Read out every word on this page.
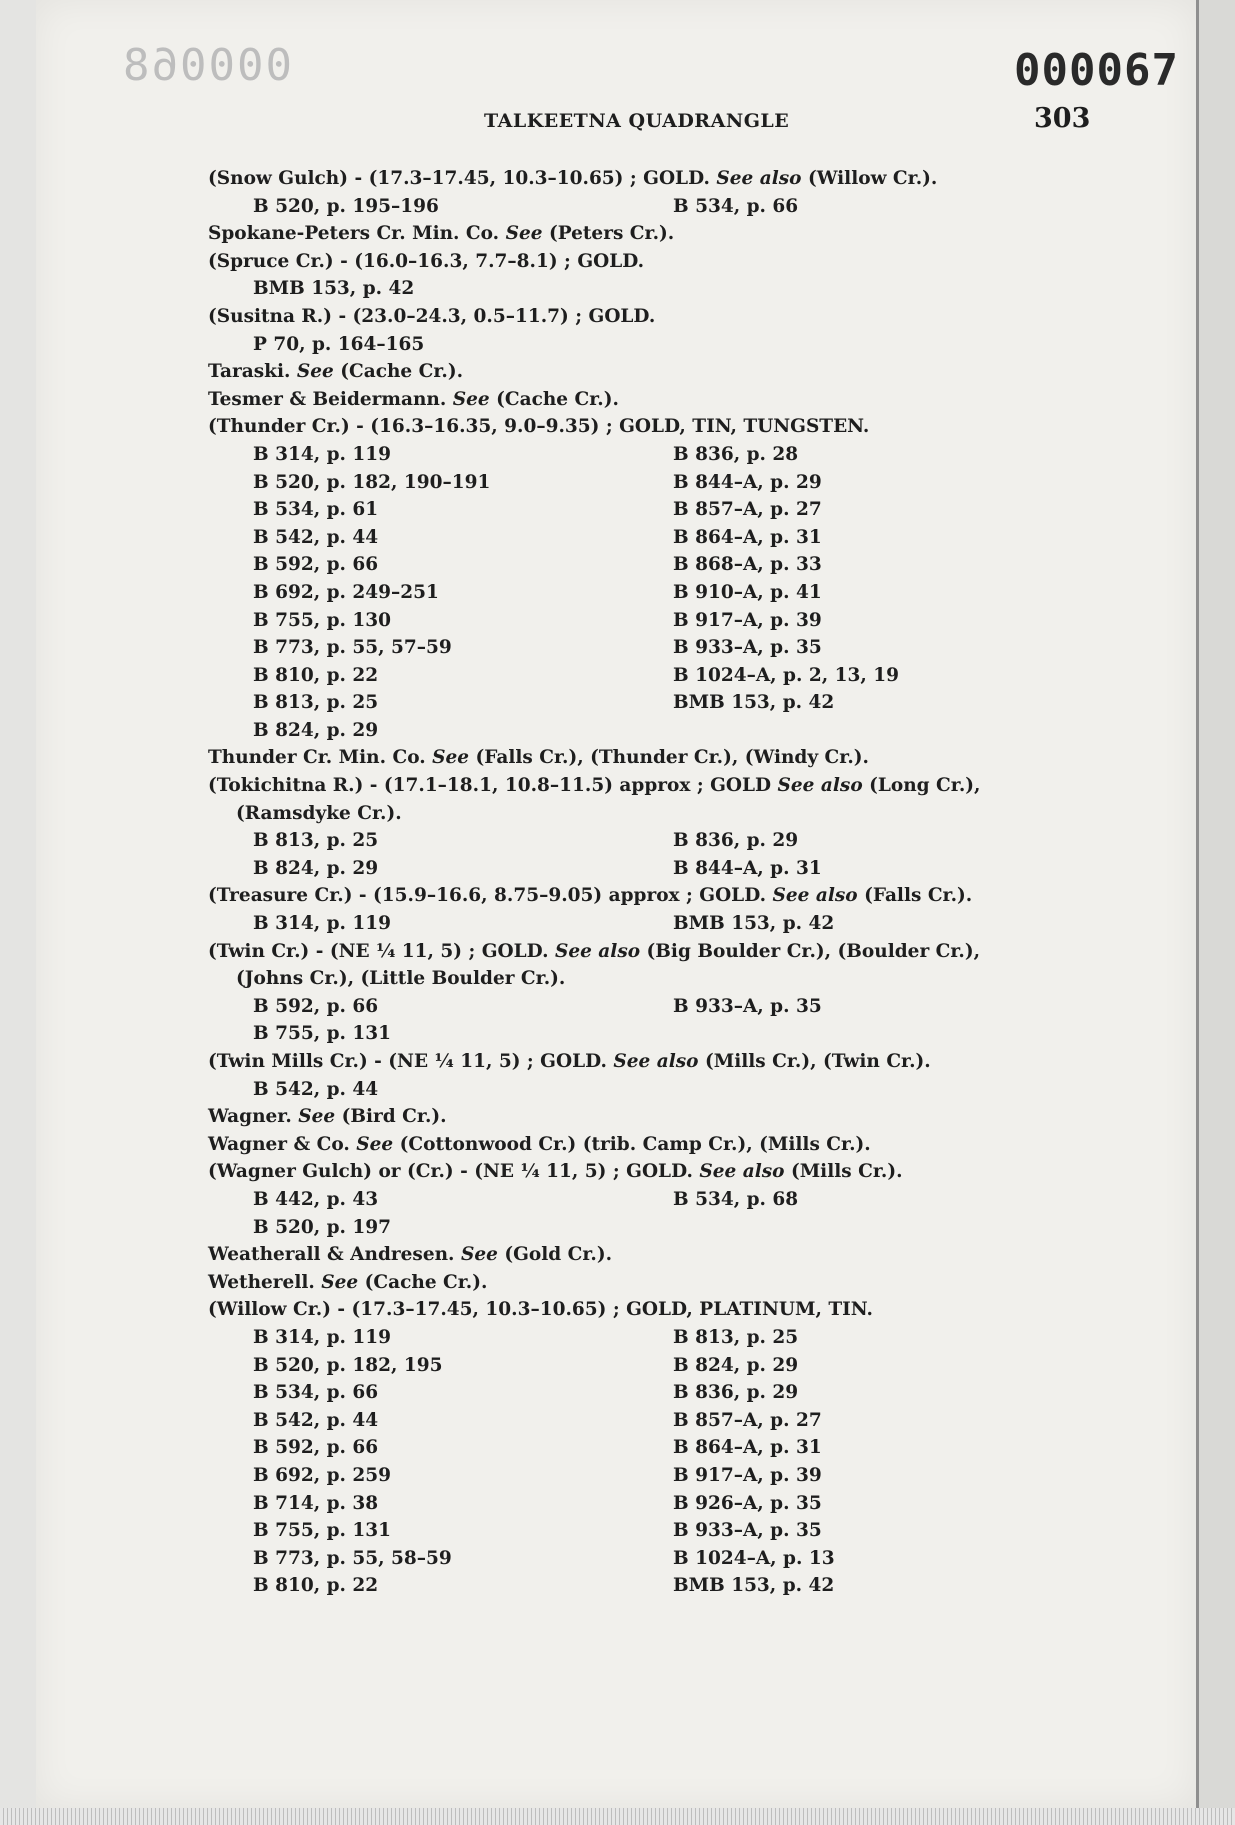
000068	000067
TALKEETNA QUADRANGLE	303
(Snow Gulch) - (17.3–17.45, 10.3–10.65) ; GOLD. See also (Willow Cr.).
B 520, p. 195–196	B 534, p. 66
Spokane-Peters Cr. Min. Co. See (Peters Cr.).
(Spruce Cr.) - (16.0–16.3, 7.7–8.1) ; GOLD.
BMB 153, p. 42
(Susitna R.) - (23.0–24.3, 0.5–11.7) ; GOLD.
P 70, p. 164–165
Taraski. See (Cache Cr.).
Tesmer & Beidermann. See (Cache Cr.).
(Thunder Cr.) - (16.3–16.35, 9.0–9.35) ; GOLD, TIN, TUNGSTEN.
B 314, p. 119	B 836, p. 28
B 520, p. 182, 190–191	B 844–A, p. 29
B 534, p. 61	B 857–A, p. 27
B 542, p. 44	B 864–A, p. 31
B 592, p. 66	B 868–A, p. 33
B 692, p. 249–251	B 910–A, p. 41
B 755, p. 130	B 917–A, p. 39
B 773, p. 55, 57–59	B 933–A, p. 35
B 810, p. 22	B 1024–A, p. 2, 13, 19
B 813, p. 25	BMB 153, p. 42
B 824, p. 29
Thunder Cr. Min. Co. See (Falls Cr.), (Thunder Cr.), (Windy Cr.).
(Tokichitna R.) - (17.1–18.1, 10.8–11.5) approx ; GOLD See also (Long Cr.),
(Ramsdyke Cr.).
B 813, p. 25	B 836, p. 29
B 824, p. 29	B 844–A, p. 31
(Treasure Cr.) - (15.9–16.6, 8.75–9.05) approx ; GOLD. See also (Falls Cr.).
B 314, p. 119	BMB 153, p. 42
(Twin Cr.) - (NE ¼ 11, 5) ; GOLD. See also (Big Boulder Cr.), (Boulder Cr.),
(Johns Cr.), (Little Boulder Cr.).
B 592, p. 66	B 933–A, p. 35
B 755, p. 131
(Twin Mills Cr.) - (NE ¼ 11, 5) ; GOLD. See also (Mills Cr.), (Twin Cr.).
B 542, p. 44
Wagner. See (Bird Cr.).
Wagner & Co. See (Cottonwood Cr.) (trib. Camp Cr.), (Mills Cr.).
(Wagner Gulch) or (Cr.) - (NE ¼ 11, 5) ; GOLD. See also (Mills Cr.).
B 442, p. 43	B 534, p. 68
B 520, p. 197
Weatherall & Andresen. See (Gold Cr.).
Wetherell. See (Cache Cr.).
(Willow Cr.) - (17.3–17.45, 10.3–10.65) ; GOLD, PLATINUM, TIN.
B 314, p. 119	B 813, p. 25
B 520, p. 182, 195	B 824, p. 29
B 534, p. 66	B 836, p. 29
B 542, p. 44	B 857–A, p. 27
B 592, p. 66	B 864–A, p. 31
B 692, p. 259	B 917–A, p. 39
B 714, p. 38	B 926–A, p. 35
B 755, p. 131	B 933–A, p. 35
B 773, p. 55, 58–59	B 1024–A, p. 13
B 810, p. 22	BMB 153, p. 42
